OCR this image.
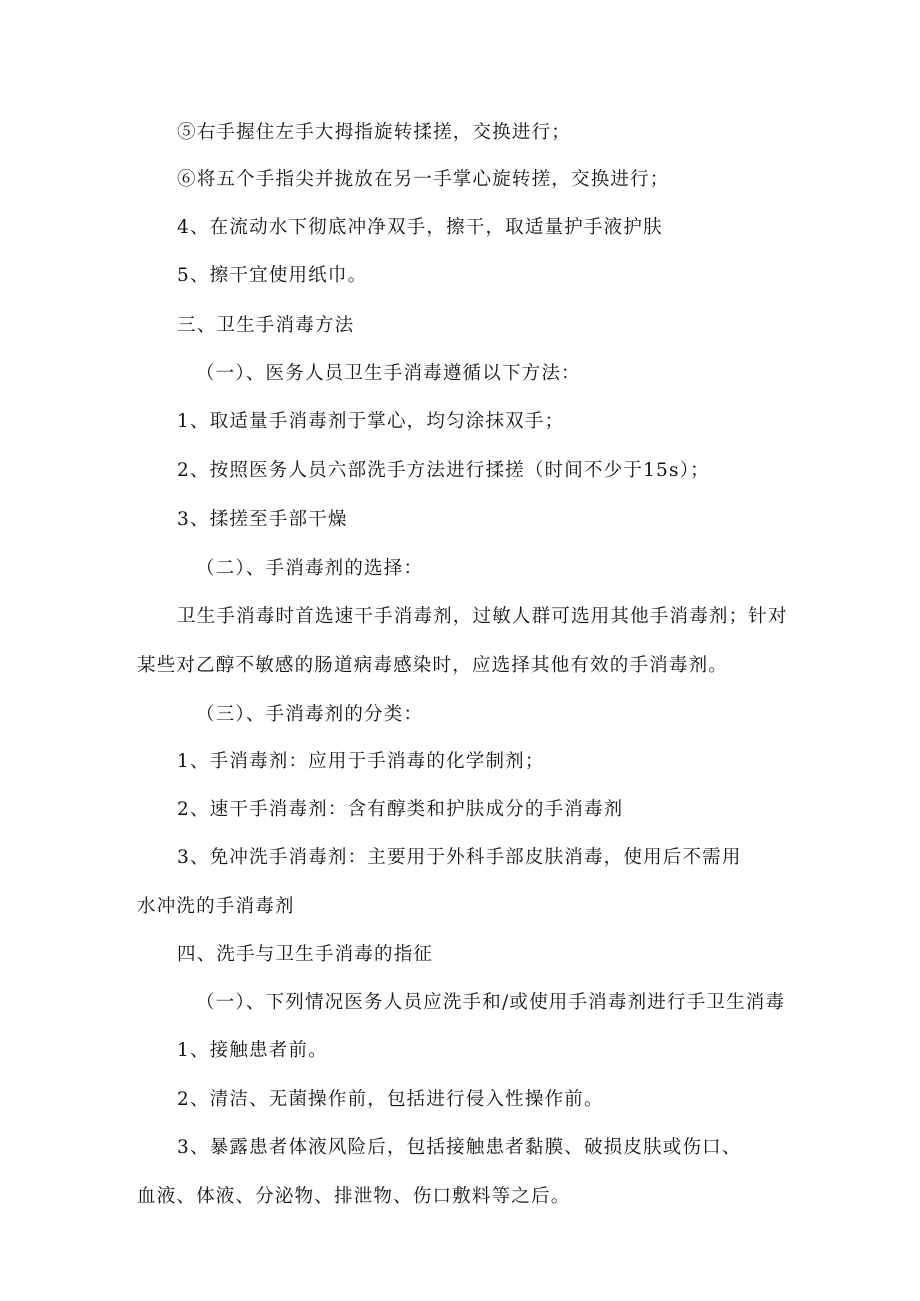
⑤右手握住左手大拇指旋转揉搓，交换进行；
⑥将五个手指尖并拢放在另一手掌心旋转搓，交换进行；
4、在流动水下彻底冲净双手，擦干，取适量护手液护肤
5、擦干宜使用纸巾。
三、卫生手消毒方法
（一）、医务人员卫生手消毒遵循以下方法：
1、取适量手消毒剂于掌心，均匀涂抹双手；
2、按照医务人员六部洗手方法进行揉搓（时间不少于15s）；
3、揉搓至手部干燥
（二）、手消毒剂的选择：
卫生手消毒时首选速干手消毒剂，过敏人群可选用其他手消毒剂；针对
某些对乙醇不敏感的肠道病毒感染时，应选择其他有效的手消毒剂。
（三）、手消毒剂的分类：
1、手消毒剂：应用于手消毒的化学制剂；
2、速干手消毒剂：含有醇类和护肤成分的手消毒剂
3、免冲洗手消毒剂：主要用于外科手部皮肤消毒，使用后不需用
水冲洗的手消毒剂
四、洗手与卫生手消毒的指征
（一）、下列情况医务人员应洗手和/或使用手消毒剂进行手卫生消毒
1、接触患者前。
2、清洁、无菌操作前，包括进行侵入性操作前。
3、暴露患者体液风险后，包括接触患者黏膜、破损皮肤或伤口、
血液、体液、分泌物、排泄物、伤口敷料等之后。
